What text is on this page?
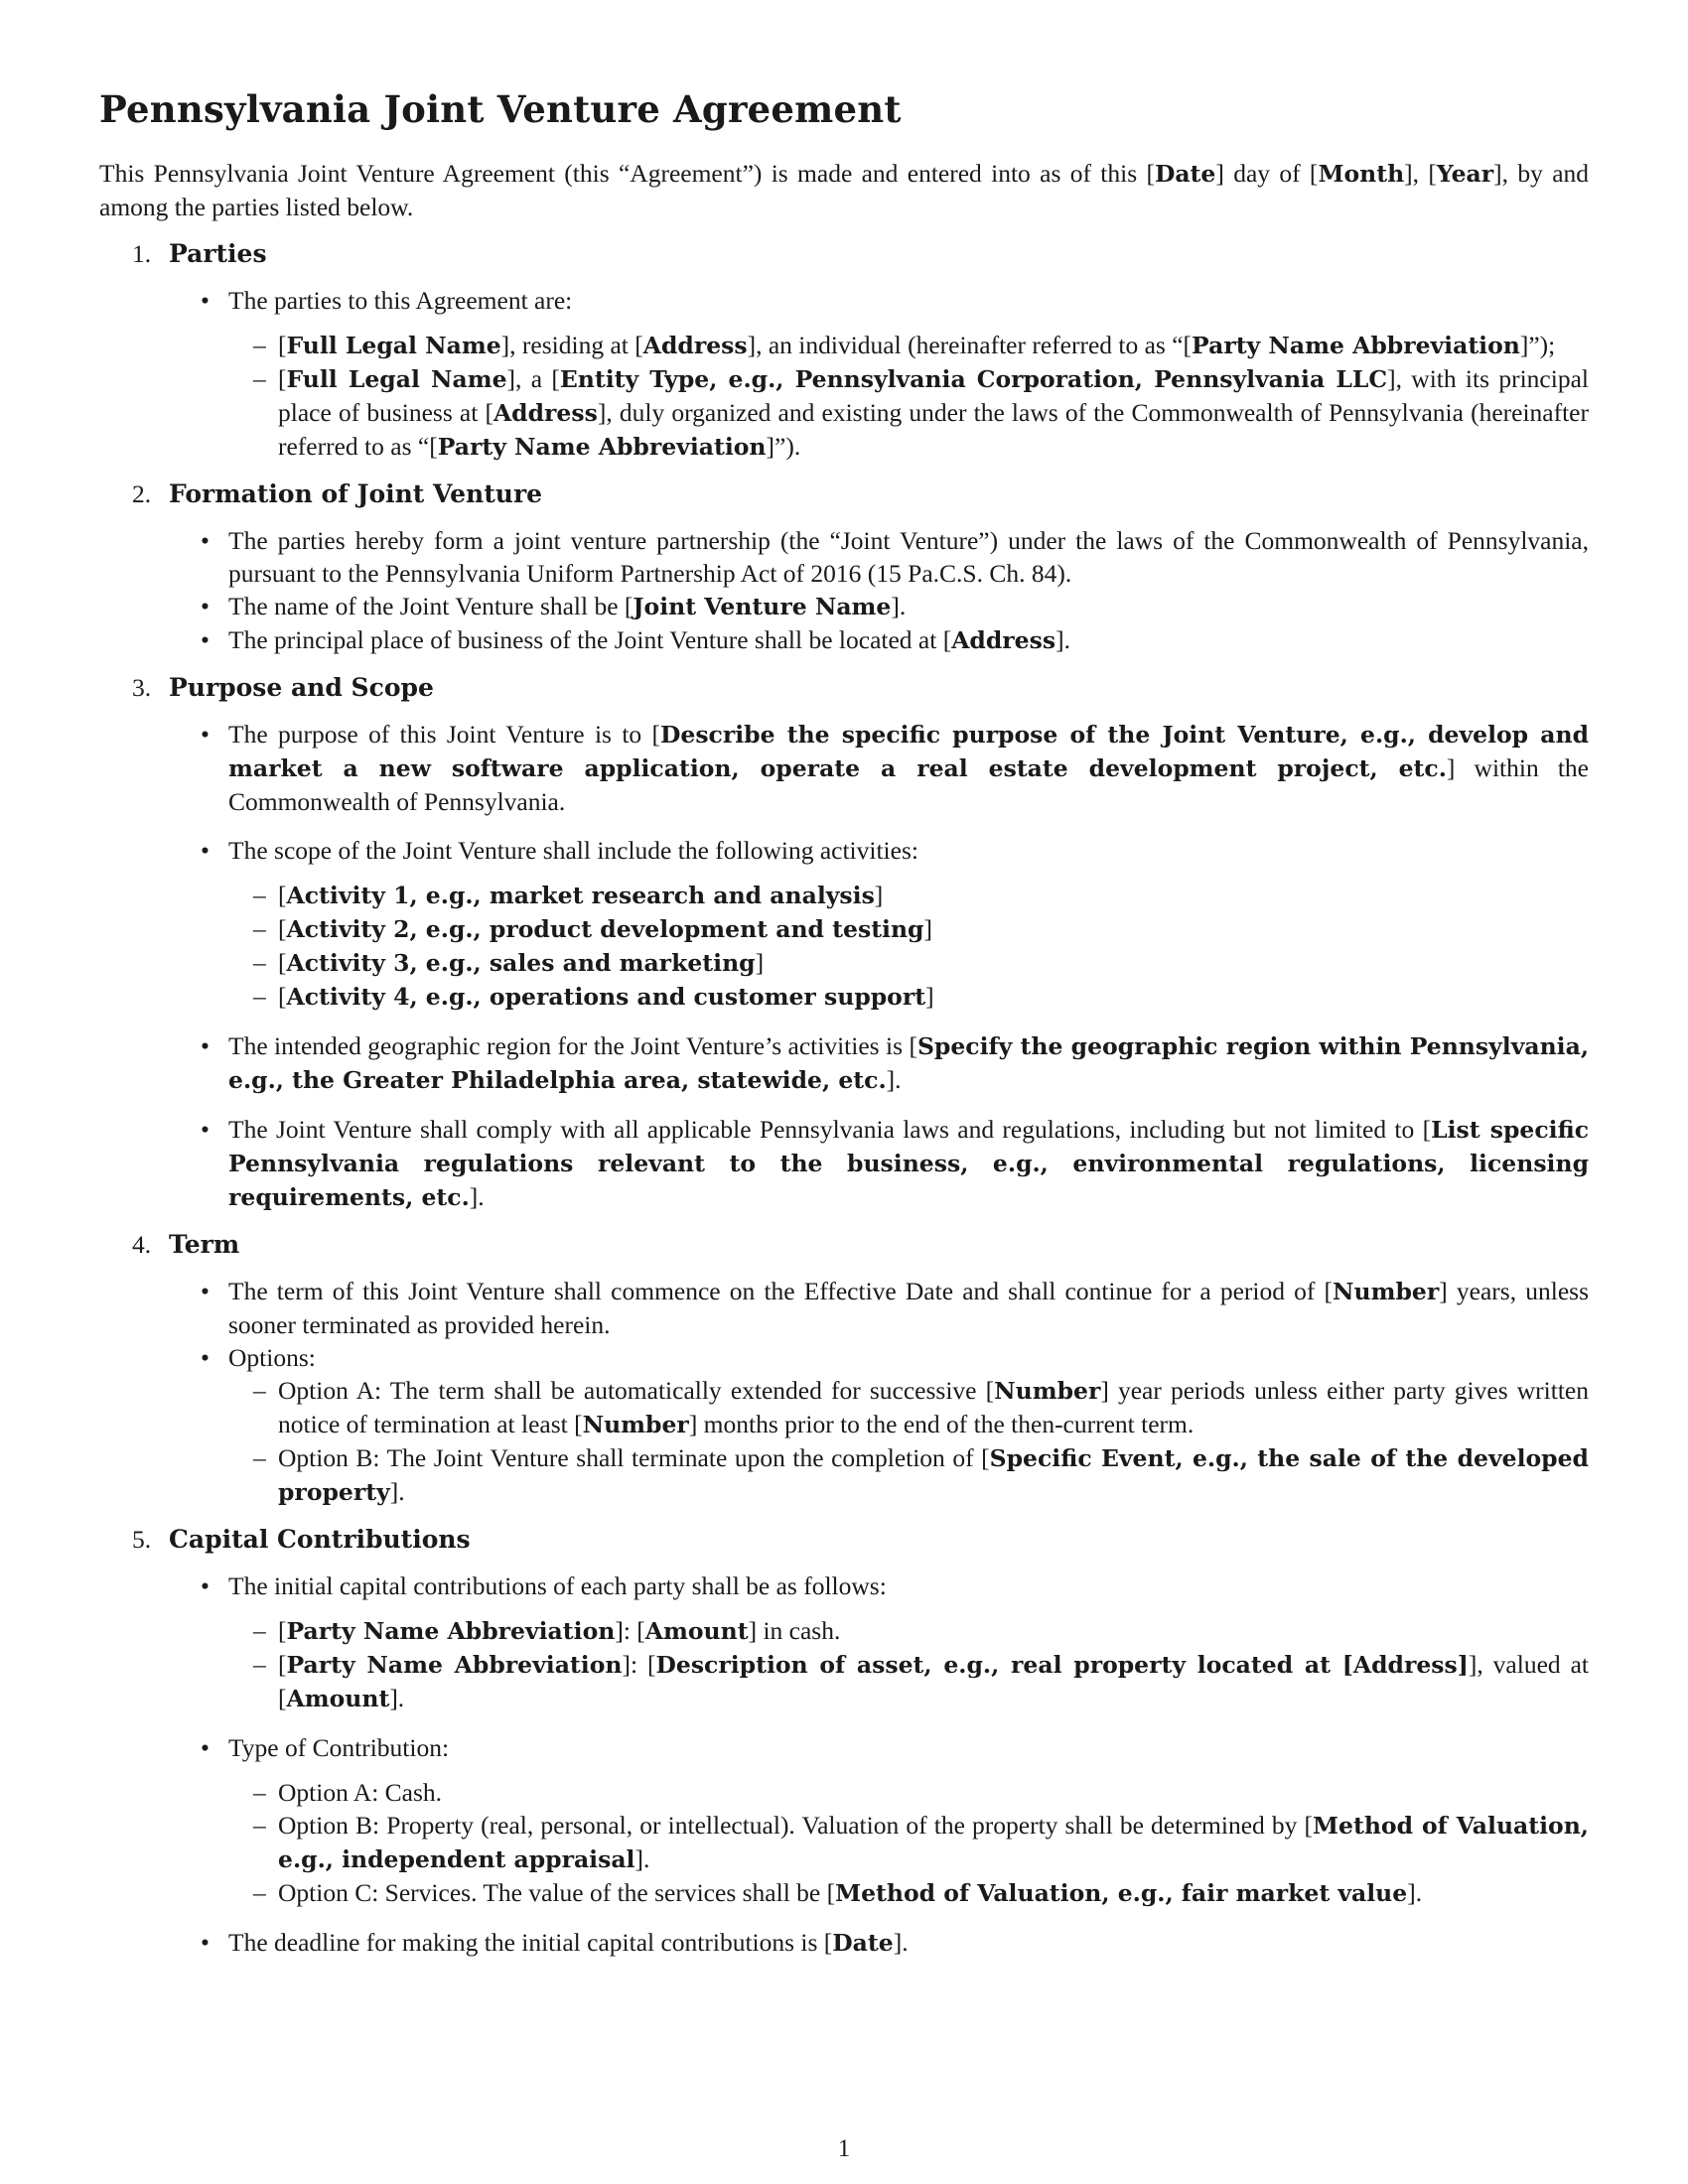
Pennsylvania Joint Venture Agreement

This Pennsylvania Joint Venture Agreement (this “Agreement”) is made and entered into as of this [Date] day of [Month], [Year], by and among the parties listed below.

1. Parties
• The parties to this Agreement are:
– [Full Legal Name], residing at [Address], an individual (hereinafter referred to as “[Party Name Abbreviation]”);
– [Full Legal Name], a [Entity Type, e.g., Pennsylvania Corporation, Pennsylvania LLC], with its principal place of business at [Address], duly organized and existing under the laws of the Commonwealth of Pennsylvania (hereinafter referred to as “[Party Name Abbreviation]”).
2. Formation of Joint Venture
• The parties hereby form a joint venture partnership (the “Joint Venture”) under the laws of the Commonwealth of Pennsylvania, pursuant to the Pennsylvania Uniform Partnership Act of 2016 (15 Pa.C.S. Ch. 84).
• The name of the Joint Venture shall be [Joint Venture Name].
• The principal place of business of the Joint Venture shall be located at [Address].
3. Purpose and Scope
• The purpose of this Joint Venture is to [Describe the specific purpose of the Joint Venture, e.g., develop and market a new software application, operate a real estate development project, etc.] within the Commonwealth of Pennsylvania.
• The scope of the Joint Venture shall include the following activities:
– [Activity 1, e.g., market research and analysis]
– [Activity 2, e.g., product development and testing]
– [Activity 3, e.g., sales and marketing]
– [Activity 4, e.g., operations and customer support]
• The intended geographic region for the Joint Venture’s activities is [Specify the geographic region within Pennsylvania, e.g., the Greater Philadelphia area, statewide, etc.].
• The Joint Venture shall comply with all applicable Pennsylvania laws and regulations, including but not limited to [List specific Pennsylvania regulations relevant to the business, e.g., environmental regulations, licensing requirements, etc.].
4. Term
• The term of this Joint Venture shall commence on the Effective Date and shall continue for a period of [Number] years, unless sooner terminated as provided herein.
• Options:
– Option A: The term shall be automatically extended for successive [Number] year periods unless either party gives written notice of termination at least [Number] months prior to the end of the then-current term.
– Option B: The Joint Venture shall terminate upon the completion of [Specific Event, e.g., the sale of the developed property].
5. Capital Contributions
• The initial capital contributions of each party shall be as follows:
– [Party Name Abbreviation]: [Amount] in cash.
– [Party Name Abbreviation]: [Description of asset, e.g., real property located at [Address]], valued at [Amount].
• Type of Contribution:
– Option A: Cash.
– Option B: Property (real, personal, or intellectual). Valuation of the property shall be determined by [Method of Valuation, e.g., independent appraisal].
– Option C: Services. The value of the services shall be [Method of Valuation, e.g., fair market value].
• The deadline for making the initial capital contributions is [Date].
1
